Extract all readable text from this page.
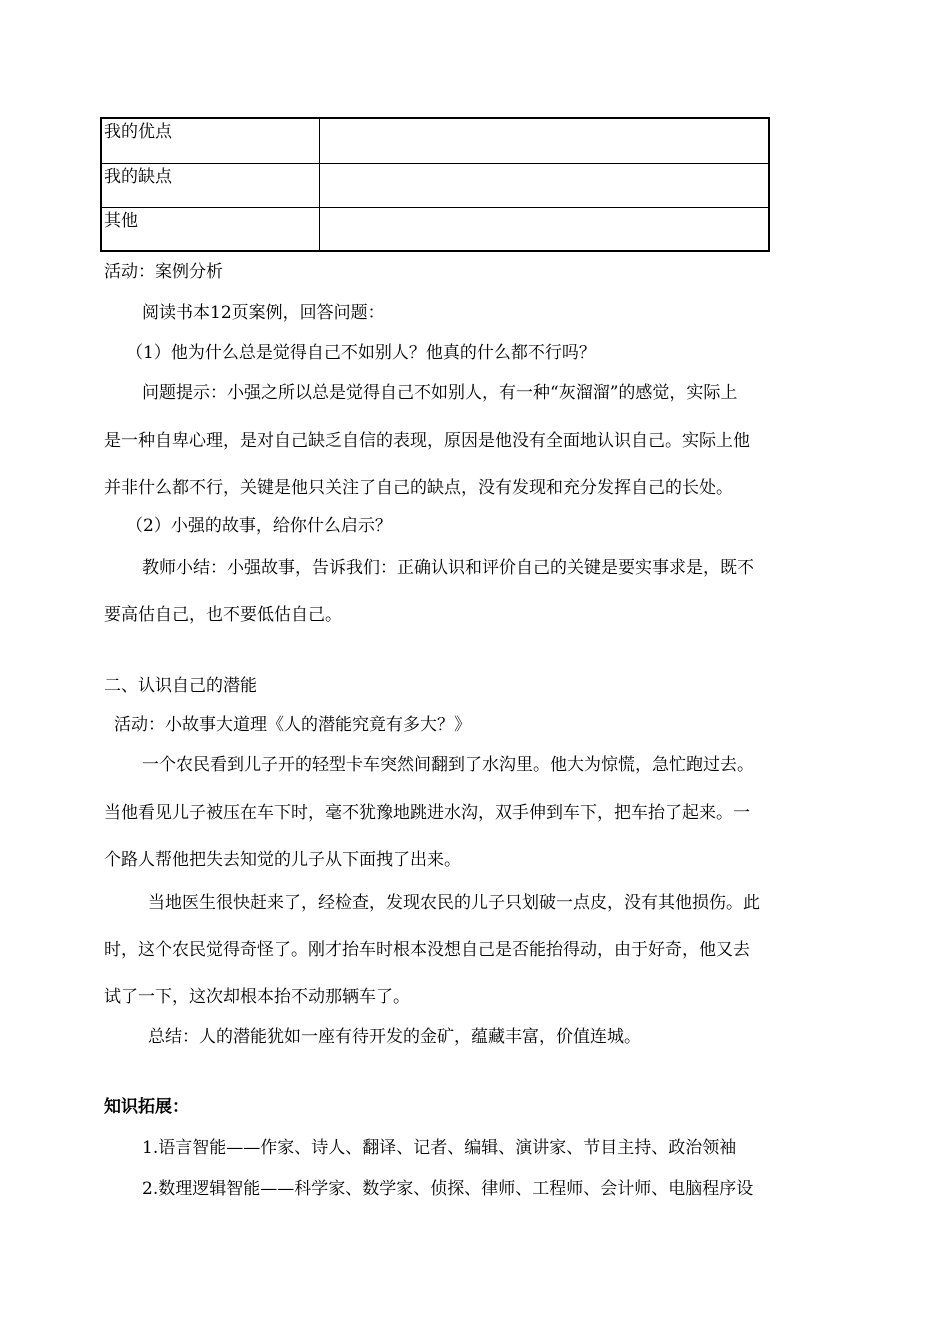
我的优点	
我的缺点	
其他	
活动：案例分析
阅读书本12页案例，回答问题：
（1）他为什么总是觉得自己不如别人？他真的什么都不行吗？
问题提示：小强之所以总是觉得自己不如别人，有一种“灰溜溜”的感觉，实际上
是一种自卑心理，是对自己缺乏自信的表现，原因是他没有全面地认识自己。实际上他
并非什么都不行，关键是他只关注了自己的缺点，没有发现和充分发挥自己的长处。
（2）小强的故事，给你什么启示？
教师小结：小强故事，告诉我们：正确认识和评价自己的关键是要实事求是，既不
要高估自己，也不要低估自己。
二、认识自己的潜能
活动：小故事大道理《人的潜能究竟有多大？》
一个农民看到儿子开的轻型卡车突然间翻到了水沟里。他大为惊慌，急忙跑过去。
当他看见儿子被压在车下时，毫不犹豫地跳进水沟，双手伸到车下，把车抬了起来。一
个路人帮他把失去知觉的儿子从下面拽了出来。
当地医生很快赶来了，经检查，发现农民的儿子只划破一点皮，没有其他损伤。此
时，这个农民觉得奇怪了。刚才抬车时根本没想自己是否能抬得动，由于好奇，他又去
试了一下，这次却根本抬不动那辆车了。
总结：人的潜能犹如一座有待开发的金矿，蕴藏丰富，价值连城。
知识拓展：
1.语言智能——作家、诗人、翻译、记者、编辑、演讲家、节目主持、政治领袖
2.数理逻辑智能——科学家、数学家、侦探、律师、工程师、会计师、电脑程序设
